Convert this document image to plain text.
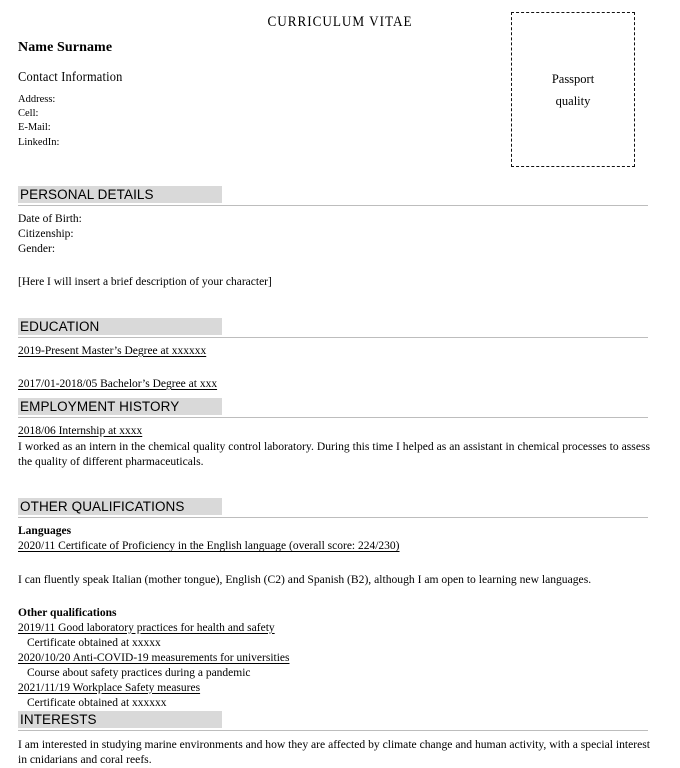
CURRICULUM VITAE
Passport
quality
Name Surname
Contact Information
Address:
Cell:
E-Mail:
LinkedIn:
PERSONAL DETAILS
Date of Birth:
Citizenship:
Gender:
[Here I will insert a brief description of your character]
EDUCATION
2019-Present Master’s Degree at xxxxxx
2017/01-2018/05 Bachelor’s Degree at xxx
EMPLOYMENT HISTORY
2018/06 Internship at xxxx
I worked as an intern in the chemical quality control laboratory. During this time I helped as an assistant in chemical processes to assess the quality of different pharmaceuticals.
OTHER QUALIFICATIONS
Languages
2020/11 Certificate of Proficiency in the English language (overall score: 224/230)
I can fluently speak Italian (mother tongue), English (C2) and Spanish (B2), although I am open to learning new languages.
Other qualifications
2019/11 Good laboratory practices for health and safety
Certificate obtained at xxxxx
2020/10/20 Anti-COVID-19 measurements for universities
Course about safety practices during a pandemic
2021/11/19 Workplace Safety measures
Certificate obtained at xxxxxx
INTERESTS
I am interested in studying marine environments and how they are affected by climate change and human activity, with a special interest in cnidarians and coral reefs.
